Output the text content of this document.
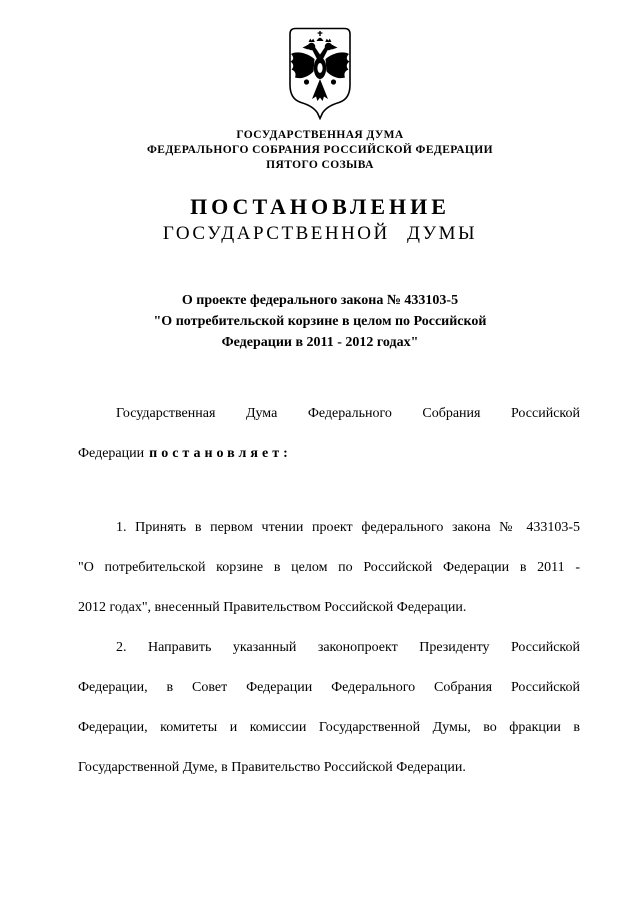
ГОСУДАРСТВЕННАЯ ДУМА
ФЕДЕРАЛЬНОГО СОБРАНИЯ РОССИЙСКОЙ ФЕДЕРАЦИИ
ПЯТОГО СОЗЫВА
ПОСТАНОВЛЕНИЕ
ГОСУДАРСТВЕННОЙ ДУМЫ
О проекте федерального закона № 433103-5
"О потребительской корзине в целом по Российской
Федерации в 2011 - 2012 годах"
Государственная Дума Федерального Собрания Российской
Федерации постановляет:
1. Принять в первом чтении проект федерального закона № 433103-5
"О потребительской корзине в целом по Российской Федерации в 2011 -
2012 годах", внесенный Правительством Российской Федерации.
2. Направить указанный законопроект Президенту Российской
Федерации, в Совет Федерации Федерального Собрания Российской
Федерации, комитеты и комиссии Государственной Думы, во фракции в
Государственной Думе, в Правительство Российской Федерации.
